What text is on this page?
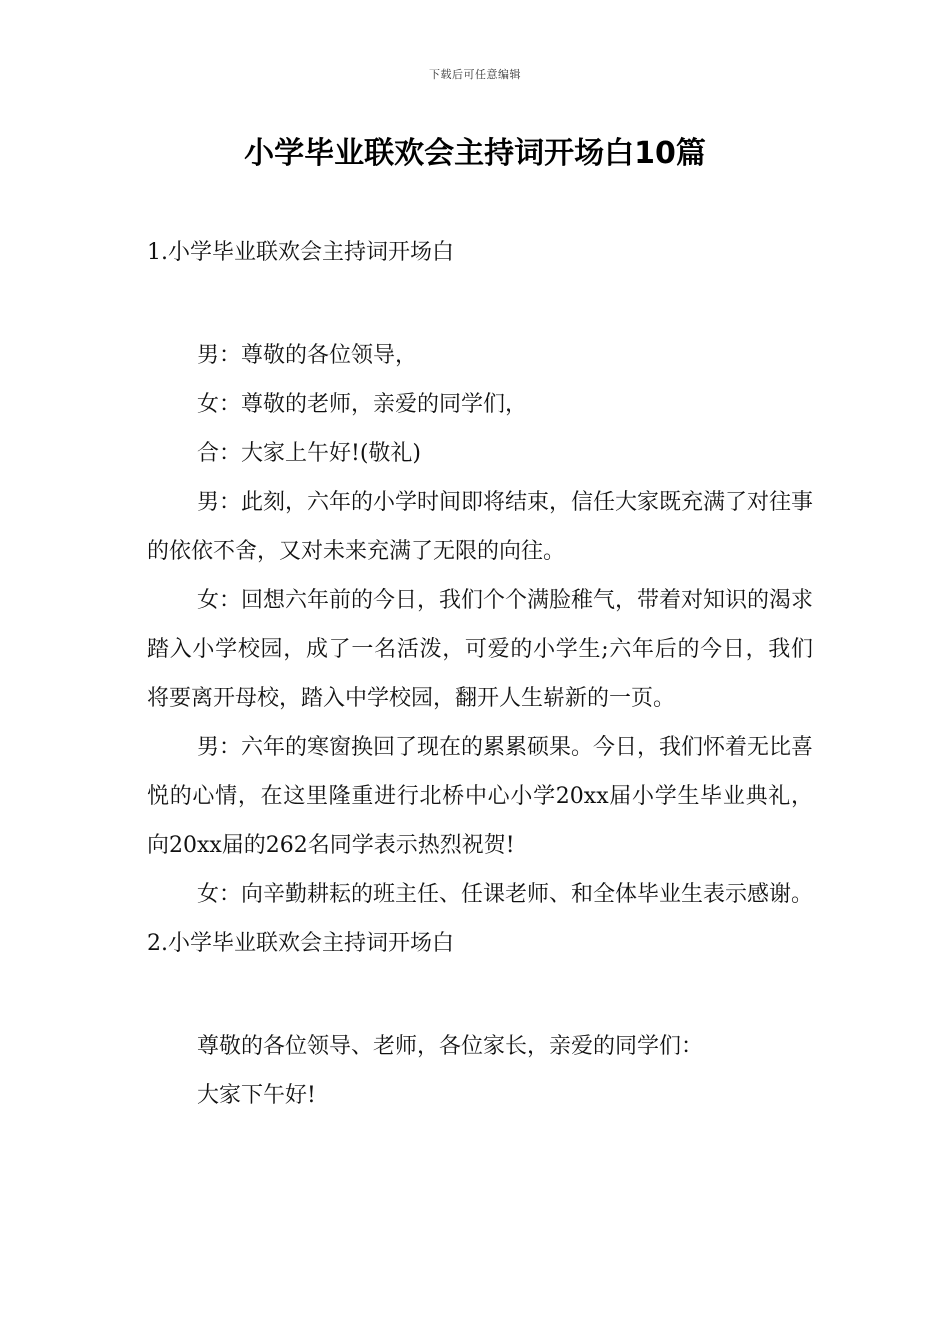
下载后可任意编辑
小学毕业联欢会主持词开场白10篇

1.小学毕业联欢会主持词开场白

男：尊敬的各位领导，

女：尊敬的老师，亲爱的同学们，

合：大家上午好!(敬礼)

男：此刻，六年的小学时间即将结束，信任大家既充满了对往事的依依不舍，又对未来充满了无限的向往。

女：回想六年前的今日，我们个个满脸稚气，带着对知识的渴求踏入小学校园，成了一名活泼，可爱的小学生;六年后的今日，我们将要离开母校，踏入中学校园，翻开人生崭新的一页。

男：六年的寒窗换回了现在的累累硕果。今日，我们怀着无比喜悦的心情，在这里隆重进行北桥中心小学20xx届小学生毕业典礼，向20xx届的262名同学表示热烈祝贺!

女：向辛勤耕耘的班主任、任课老师、和全体毕业生表示感谢。

2.小学毕业联欢会主持词开场白

尊敬的各位领导、老师，各位家长，亲爱的同学们：

大家下午好!
